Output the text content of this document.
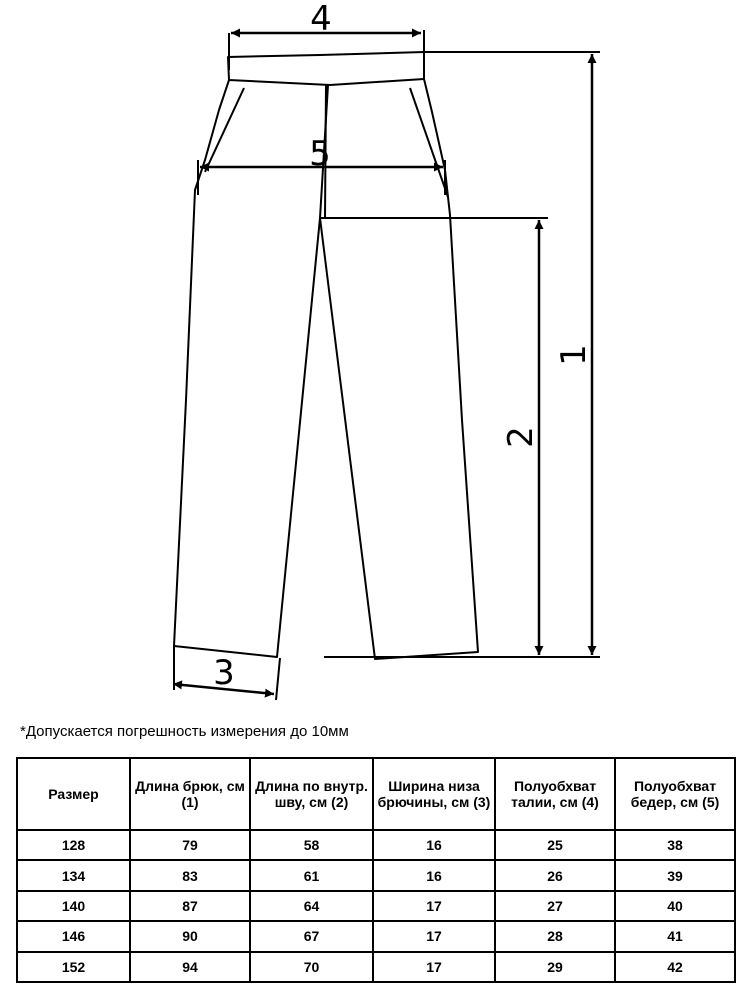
4
5
3
1
2
*Допускается погрешность измерения до 10мм
Размер	Длина брюк, см (1)	Длина по внутр. шву, см (2)	Ширина низа брючины, см (3)	Полуобхват талии, см (4)	Полуобхват бедер, см (5)
128	79	58	16	25	38
134	83	61	16	26	39
140	87	64	17	27	40
146	90	67	17	28	41
152	94	70	17	29	42
